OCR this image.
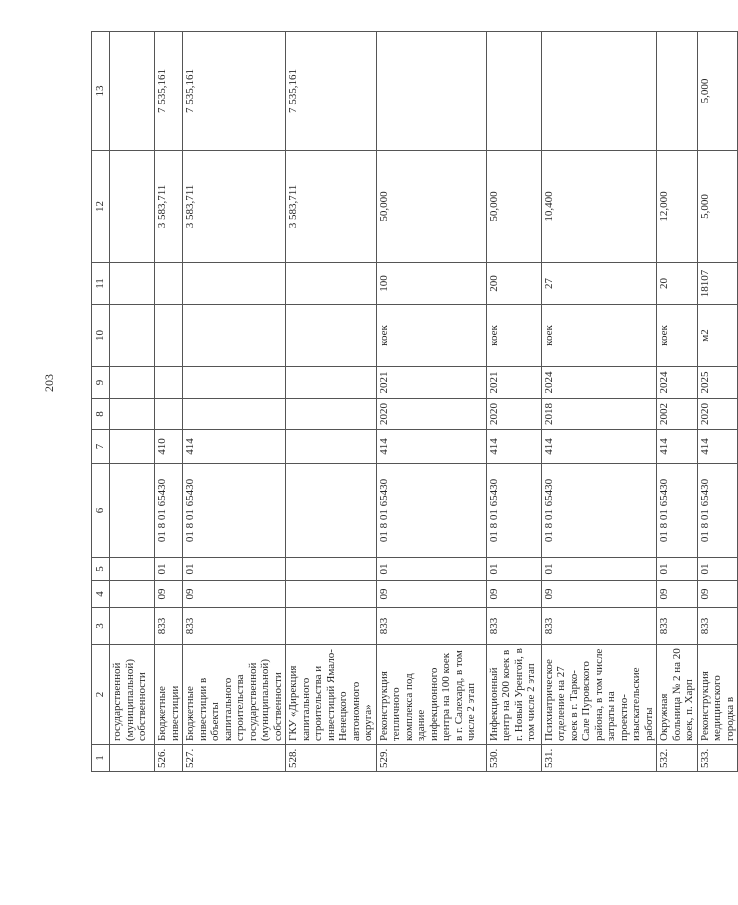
203
1	2	3	4	5	6	7	8	9	10	11	12	13
	государственной (муниципальной) собственности											
526.	Бюджетные инвестиции	833	09	01	01 8 01 65430	410					3 583,711	7 535,161
527.	Бюджетные инвестиции в объекты капитального строительства государственной (муниципальной) собственности	833	09	01	01 8 01 65430	414					3 583,711	7 535,161
528.	ГКУ «Дирекция капитального строительства и инвестиций Ямало-Ненецкого автономного округа»										3 583,711	7 535,161
529.	Реконструкция тепличного комплекса под здание инфекционного центра на 100 коек в г. Салехард, в том числе 2 этап	833	09	01	01 8 01 65430	414	2020	2021	коек	100	50,000	
530.	Инфекционный центр на 200 коек в г. Новый Уренгой, в том числе 2 этап	833	09	01	01 8 01 65430	414	2020	2021	коек	200	50,000	
531.	Психиатрическое отделение на 27 коек в г. Тарко-Сале Пуровского района, в том числе затраты на проектно-изыскательские работы	833	09	01	01 8 01 65430	414	2018	2024	коек	27	10,400	
532.	Окружная больница № 2 на 20 коек, п. Харп	833	09	01	01 8 01 65430	414	2002	2024	коек	20	12,000	
533.	Реконструкция медицинского городка в	833	09	01	01 8 01 65430	414	2020	2025	м2	18107	5,000	5,000
